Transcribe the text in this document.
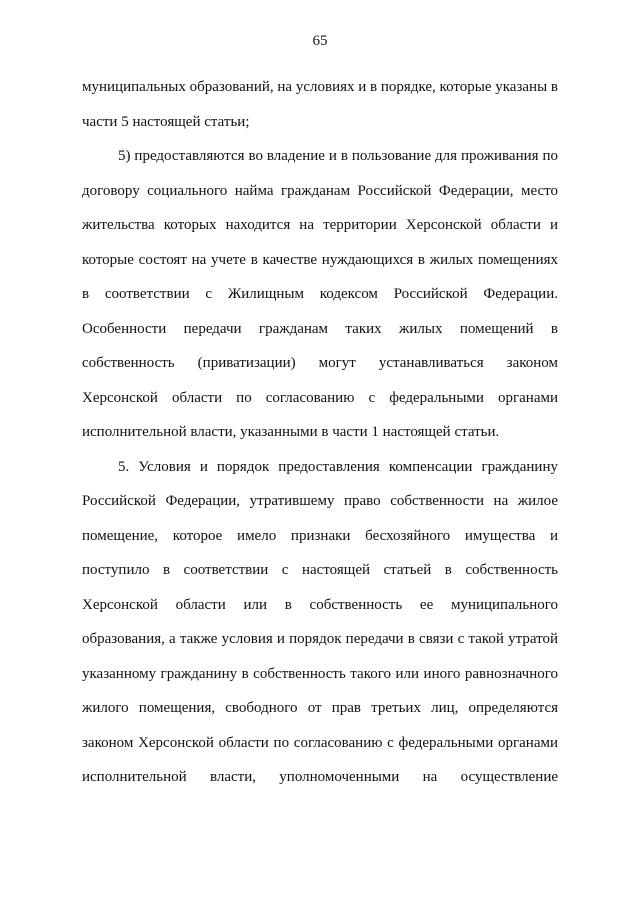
65

муниципальных образований, на условиях и в порядке, которые указаны в
части 5 настоящей статьи;

5) предоставляются во владение и в пользование для проживания по
договору социального найма гражданам Российской Федерации, место
жительства которых находится на территории Херсонской области и
которые состоят на учете в качестве нуждающихся в жилых помещениях
в соответствии с Жилищным кодексом Российской Федерации.
Особенности передачи гражданам таких жилых помещений в
собственность (приватизации) могут устанавливаться законом
Херсонской области по согласованию с федеральными органами
исполнительной власти, указанными в части 1 настоящей статьи.

5. Условия и порядок предоставления компенсации гражданину
Российской Федерации, утратившему право собственности на жилое
помещение, которое имело признаки бесхозяйного имущества и
поступило в соответствии с настоящей статьей в собственность
Херсонской области или в собственность ее муниципального
образования, а также условия и порядок передачи в связи с такой утратой
указанному гражданину в собственность такого или иного равнозначного
жилого помещения, свободного от прав третьих лиц, определяются
законом Херсонской области по согласованию с федеральными органами
исполнительной власти, уполномоченными на осуществление
